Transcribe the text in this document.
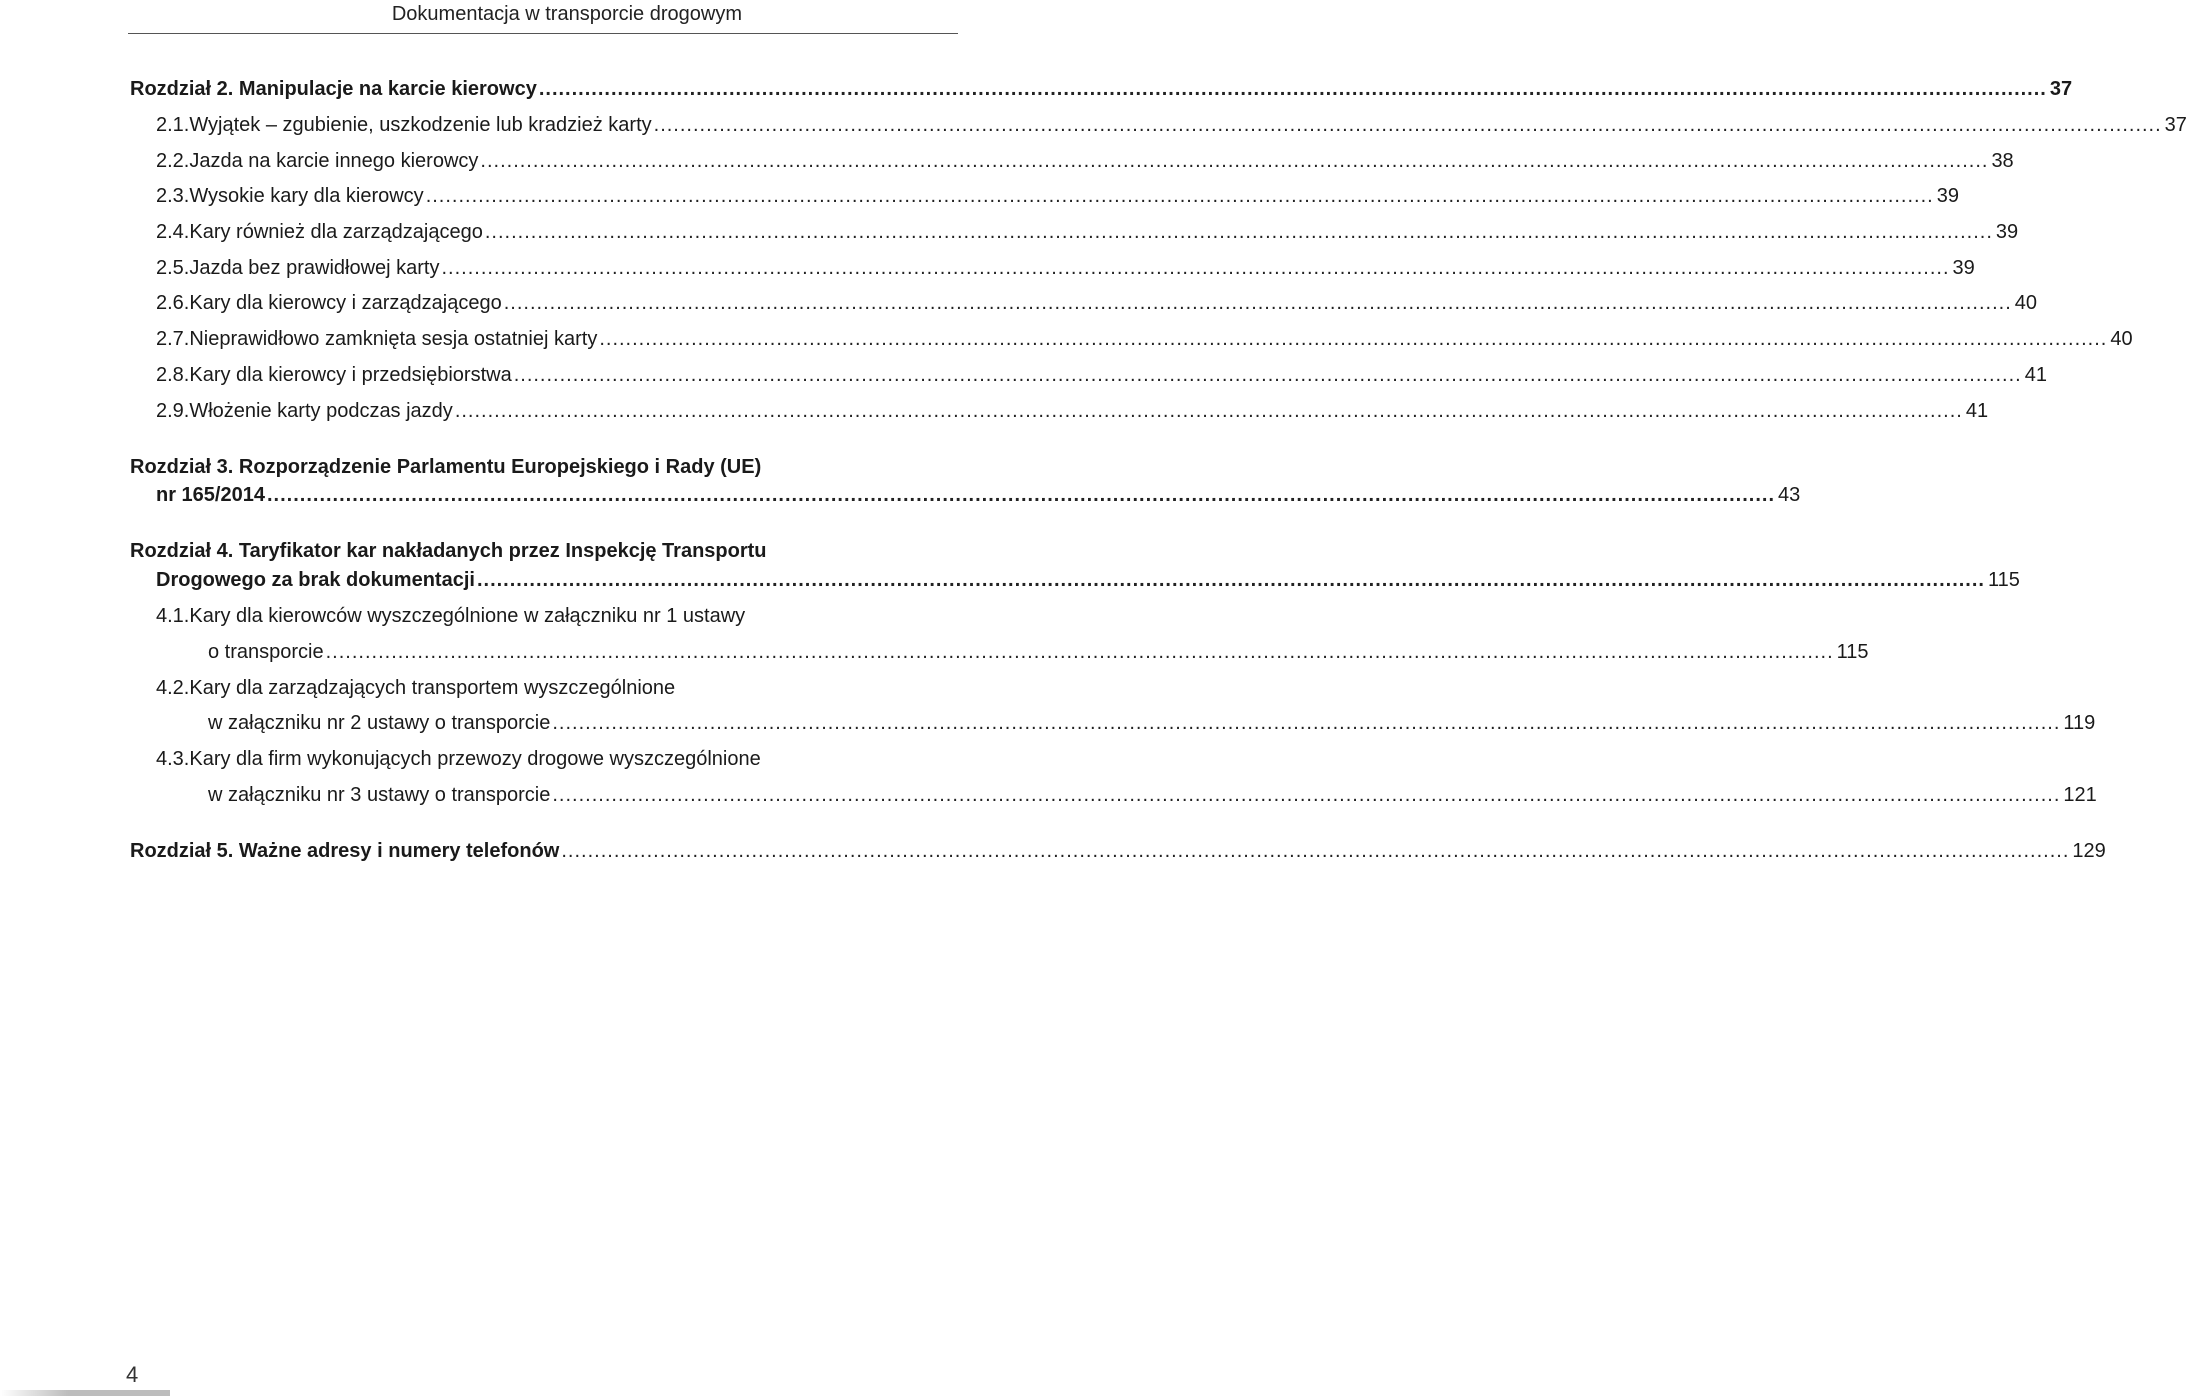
Dokumentacja w transporcie drogowym
Rozdział 2. Manipulacje na karcie kierowcy ...................................................................................................................................................................................................................................... 37
2.1. Wyjątek – zgubienie, uszkodzenie lub kradzież karty ...................................................................................................................................................................................................................................... 37
2.2. Jazda na karcie innego kierowcy ...................................................................................................................................................................................................................................... 38
2.3. Wysokie kary dla kierowcy ...................................................................................................................................................................................................................................... 39
2.4. Kary również dla zarządzającego ...................................................................................................................................................................................................................................... 39
2.5. Jazda bez prawidłowej karty ...................................................................................................................................................................................................................................... 39
2.6. Kary dla kierowcy i zarządzającego ...................................................................................................................................................................................................................................... 40
2.7. Nieprawidłowo zamknięta sesja ostatniej karty ...................................................................................................................................................................................................................................... 40
2.8. Kary dla kierowcy i przedsiębiorstwa ...................................................................................................................................................................................................................................... 41
2.9. Włożenie karty podczas jazdy ...................................................................................................................................................................................................................................... 41
Rozdział 3. Rozporządzenie Parlamentu Europejskiego i Rady (UE)
nr 165/2014 ...................................................................................................................................................................................................................................... 43
Rozdział 4. Taryfikator kar nakładanych przez Inspekcję Transportu
Drogowego za brak dokumentacji ...................................................................................................................................................................................................................................... 115
4.1.Kary dla kierowców wyszczególnione w załączniku nr 1 ustawy
o transporcie ...................................................................................................................................................................................................................................... 115
4.2.Kary dla zarządzających transportem wyszczególnione
w załączniku nr 2 ustawy o transporcie ...................................................................................................................................................................................................................................... 119
4.3.Kary dla firm wykonujących przewozy drogowe wyszczególnione
w załączniku nr 3 ustawy o transporcie ...................................................................................................................................................................................................................................... 121
Rozdział 5. Ważne adresy i numery telefonów ...................................................................................................................................................................................................................................... 129
4
